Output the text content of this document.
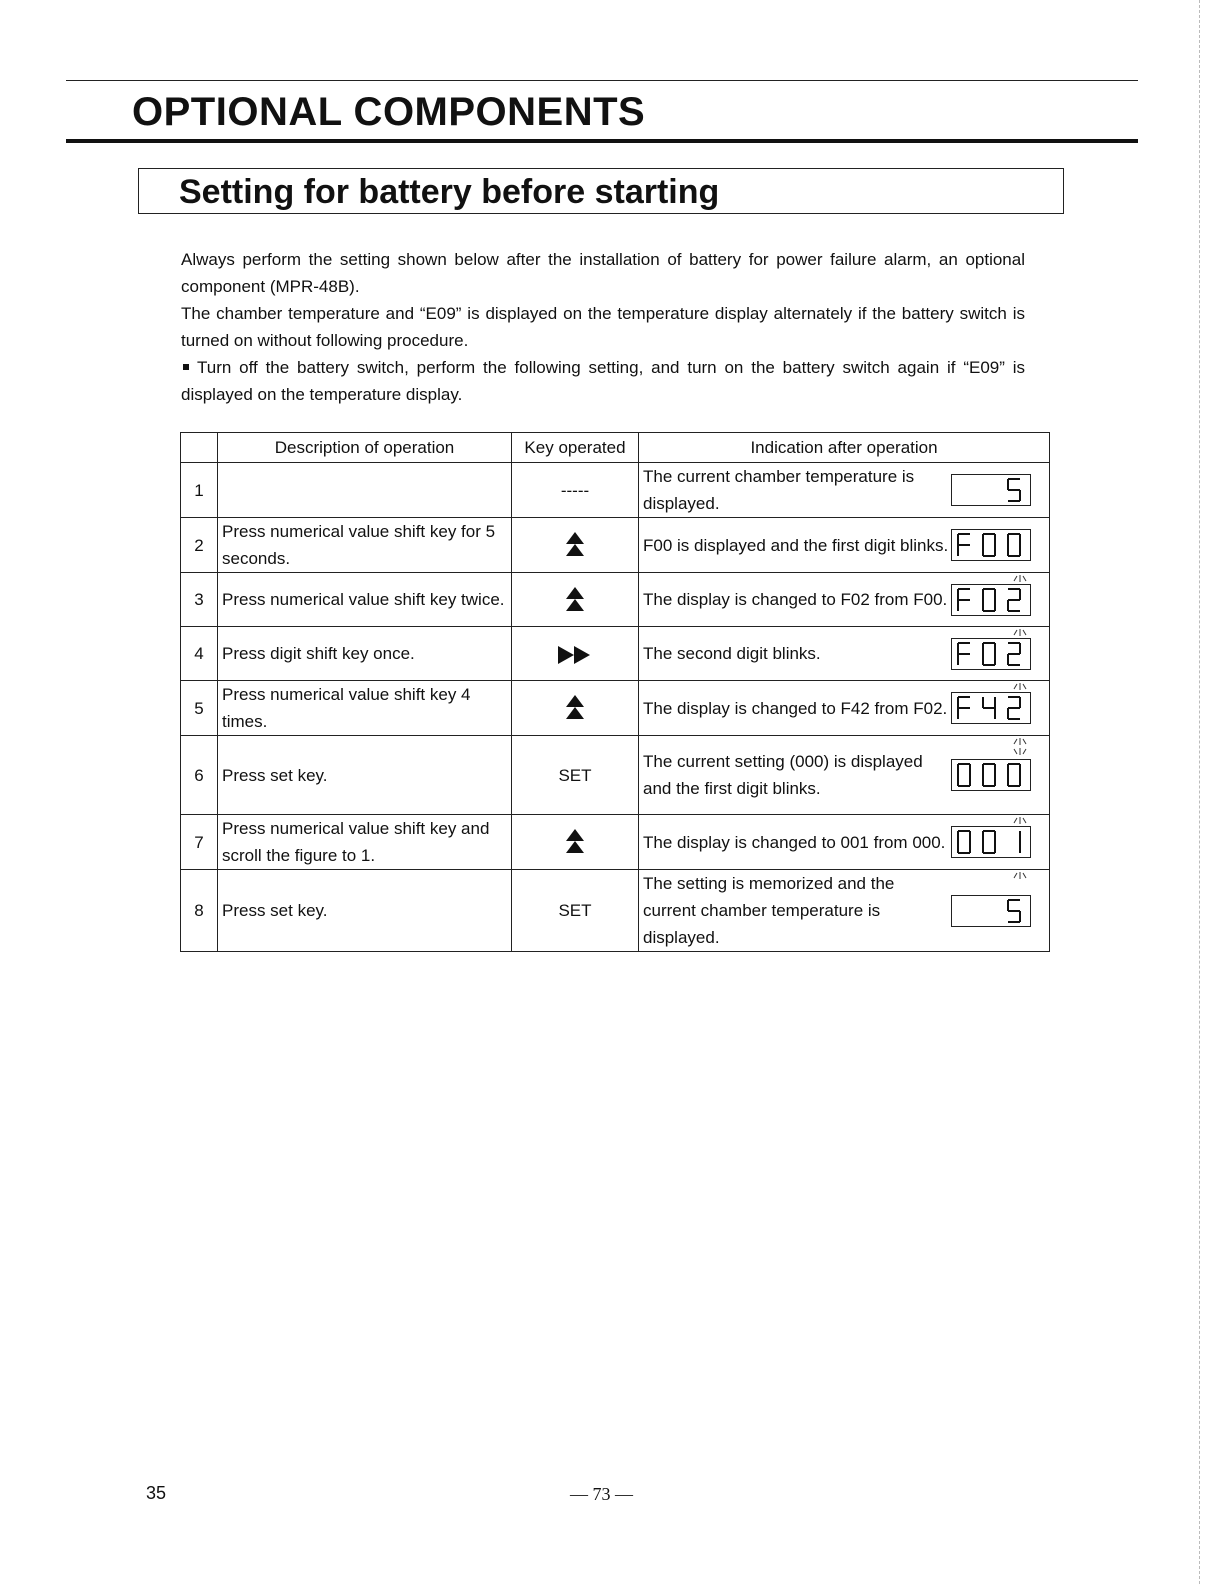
OPTIONAL COMPONENTS
Setting for battery before starting

Always perform the setting shown below after the installation of battery for power failure alarm, an optional component (MPR-48B).

The chamber temperature and “E09” is displayed on the temperature display alternately if the battery switch is turned on without following procedure.

Turn off the battery switch, perform the following setting, and turn on the battery switch again if “E09” is displayed on the temperature display.

	Description of operation	Key operated	Indication after operation
1		-----	The current chamber temperature is displayed.

2	Press numerical value shift key for 5 seconds.		F00 is displayed and the first digit blinks.

3	Press numerical value shift key twice.		The display is changed to F02 from F00.

4	Press digit shift key once.		The second digit blinks.

5	Press numerical value shift key 4 times.		The display is changed to F42 from F02.

6	Press set key.	SET	The current setting (000) is displayed and the first digit blinks.

7	Press numerical value shift key and scroll the figure to 1.		The display is changed to 001 from 000.

8	Press set key.	SET	The setting is memorized and the current chamber temperature is displayed.
35	— 73 —
